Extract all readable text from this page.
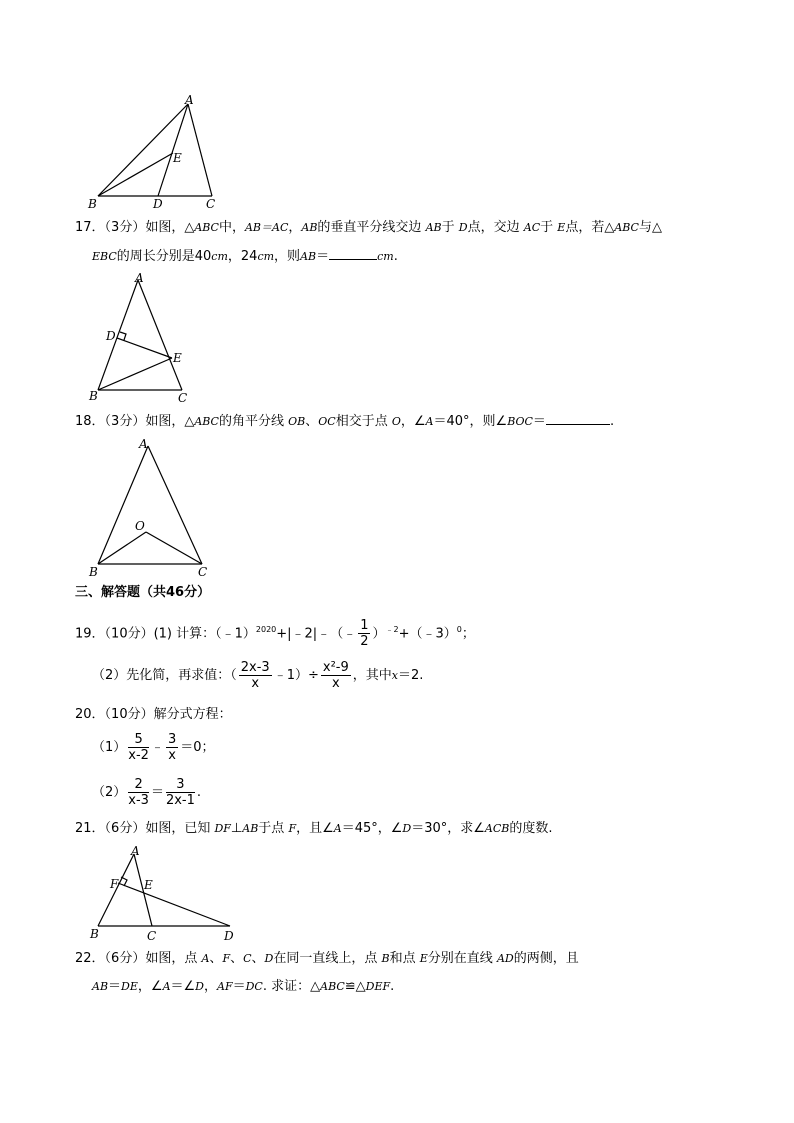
A
B	C
D
E
17．（3分）如图，△ABC中，AB＝AC，AB的垂直平分线交边 AB于 D点，交边 AC于 E点，若△ABC与△
EBC的周长分别是40cm，24cm，则AB＝	cm.
A
D
E
B	C
18．（3分）如图，△ABC的角平分线 OB、OC相交于点 O，∠A＝40°，则∠BOC＝	.
A
O
B	C
三、解答题（共46分）
19．（10分）(1) 计算：（﹣1）$^{2020}$+|﹣2|﹣（﹣ $\frac{1}{2}$ ）$^{﹣2}$+（﹣3）$^0$；
（2）先化简，再求值：（ $\frac{2x-3}{x}$ ﹣1）÷ $\frac{\text{x²-9}}{x}$ ，其中x＝2.
20．（10分）解分式方程：
$(1) \frac{5}{x-2}$ ﹣ $\frac{3}{x} =0$；
$(2) \frac{2}{x-3} = \frac{3}{2x-1}$ .
21．（6分）如图，已知 DF⊥AB于点 F，且∠A＝45°，∠D＝30°，求∠ACB的度数.
A
F E
B	C	D
22．（6分）如图，点 A、F、C、D在同一直线上，点 B和点 E分别在直线 AD的两侧，且
AB＝DE，∠A＝∠D，AF＝DC. 求证：△ABC≌△DEF.
